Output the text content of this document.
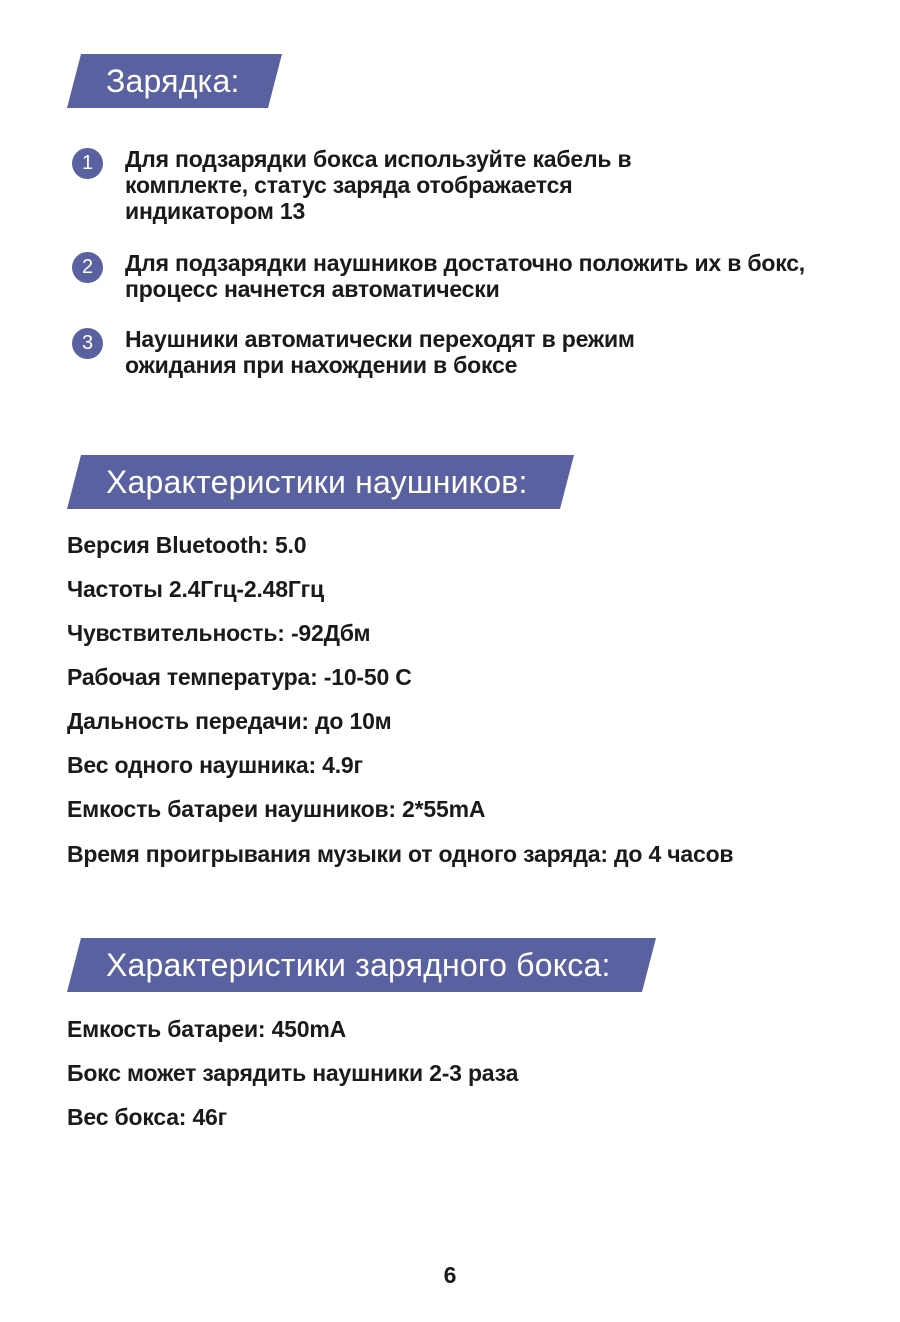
Зарядка:
1	Для подзарядки бокса используйте кабель в комплекте, статус заряда отображается индикатором 13
2	Для подзарядки наушников достаточно положить их в бокс, процесс начнется автоматически
3	Наушники автоматически переходят в режим ожидания при нахождении в боксе
Характеристики наушников:
Версия Bluetooth: 5.0
Частоты 2.4Ггц-2.48Ггц
Чувствительность: -92Дбм
Рабочая температура: -10-50 С
Дальность передачи: до 10м
Вес одного наушника: 4.9г
Емкость батареи наушников: 2*55mA
Время проигрывания музыки от одного заряда: до 4 часов
Характеристики зарядного бокса:
Емкость батареи: 450mA
Бокс может зарядить наушники 2-3 раза
Вес бокса: 46г
6
